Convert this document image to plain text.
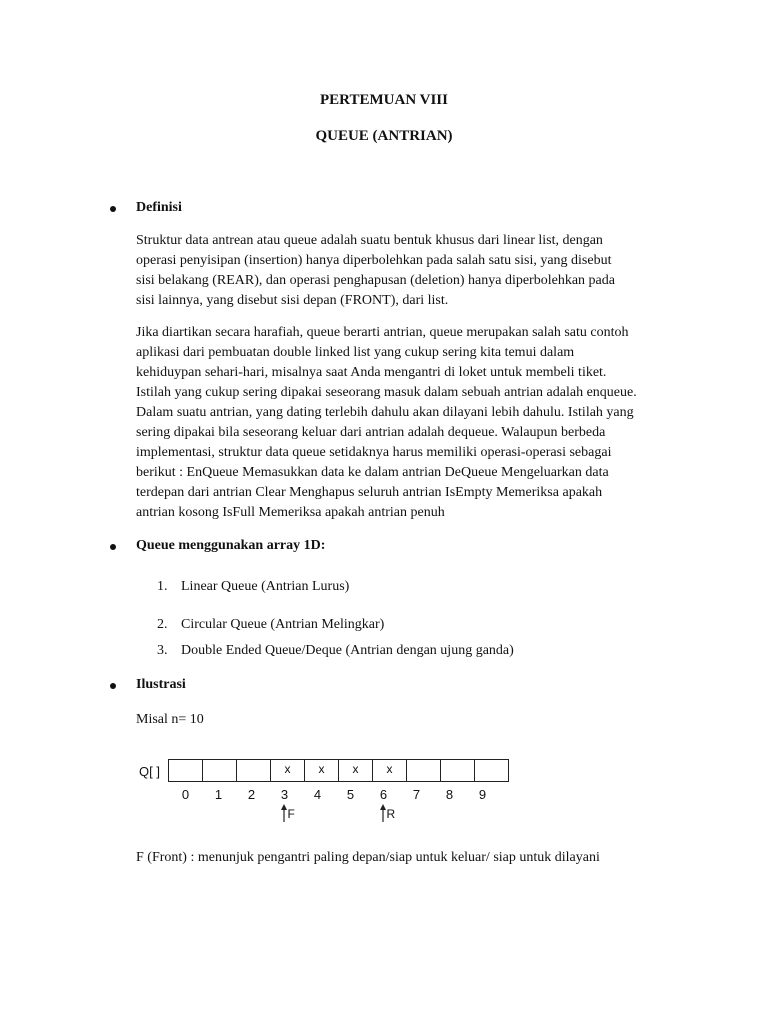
PERTEMUAN VIII
QUEUE (ANTRIAN)
Definisi
Struktur data antrean atau queue adalah suatu bentuk khusus dari linear list, dengan
operasi penyisipan (insertion) hanya diperbolehkan pada salah satu sisi, yang disebut
sisi belakang (REAR), dan operasi penghapusan (deletion) hanya diperbolehkan pada
sisi lainnya, yang disebut sisi depan (FRONT), dari list.
Jika diartikan secara harafiah, queue berarti antrian, queue merupakan salah satu contoh
aplikasi dari pembuatan double linked list yang cukup sering kita temui dalam
kehiduypan sehari-hari, misalnya saat Anda mengantri di loket untuk membeli tiket.
Istilah yang cukup sering dipakai seseorang masuk dalam sebuah antrian adalah enqueue.
Dalam suatu antrian, yang dating terlebih dahulu akan dilayani lebih dahulu. Istilah yang
sering dipakai bila seseorang keluar dari antrian adalah dequeue. Walaupun berbeda
implementasi, struktur data queue setidaknya harus memiliki operasi-operasi sebagai
berikut : EnQueue Memasukkan data ke dalam antrian DeQueue Mengeluarkan data
terdepan dari antrian Clear Menghapus seluruh antrian IsEmpty Memeriksa apakah
antrian kosong IsFull Memeriksa apakah antrian penuh
Queue menggunakan array 1D:
1. Linear Queue (Antrian Lurus)
2. Circular Queue (Antrian Melingkar)
3. Double Ended Queue/Deque (Antrian dengan ujung ganda)
Ilustrasi
Misal n= 10
Q[ ]	x	x	x	x
0	1	2	3	4	5	6	7	8	9
F	R
F (Front) : menunjuk pengantri paling depan/siap untuk keluar/ siap untuk dilayani
